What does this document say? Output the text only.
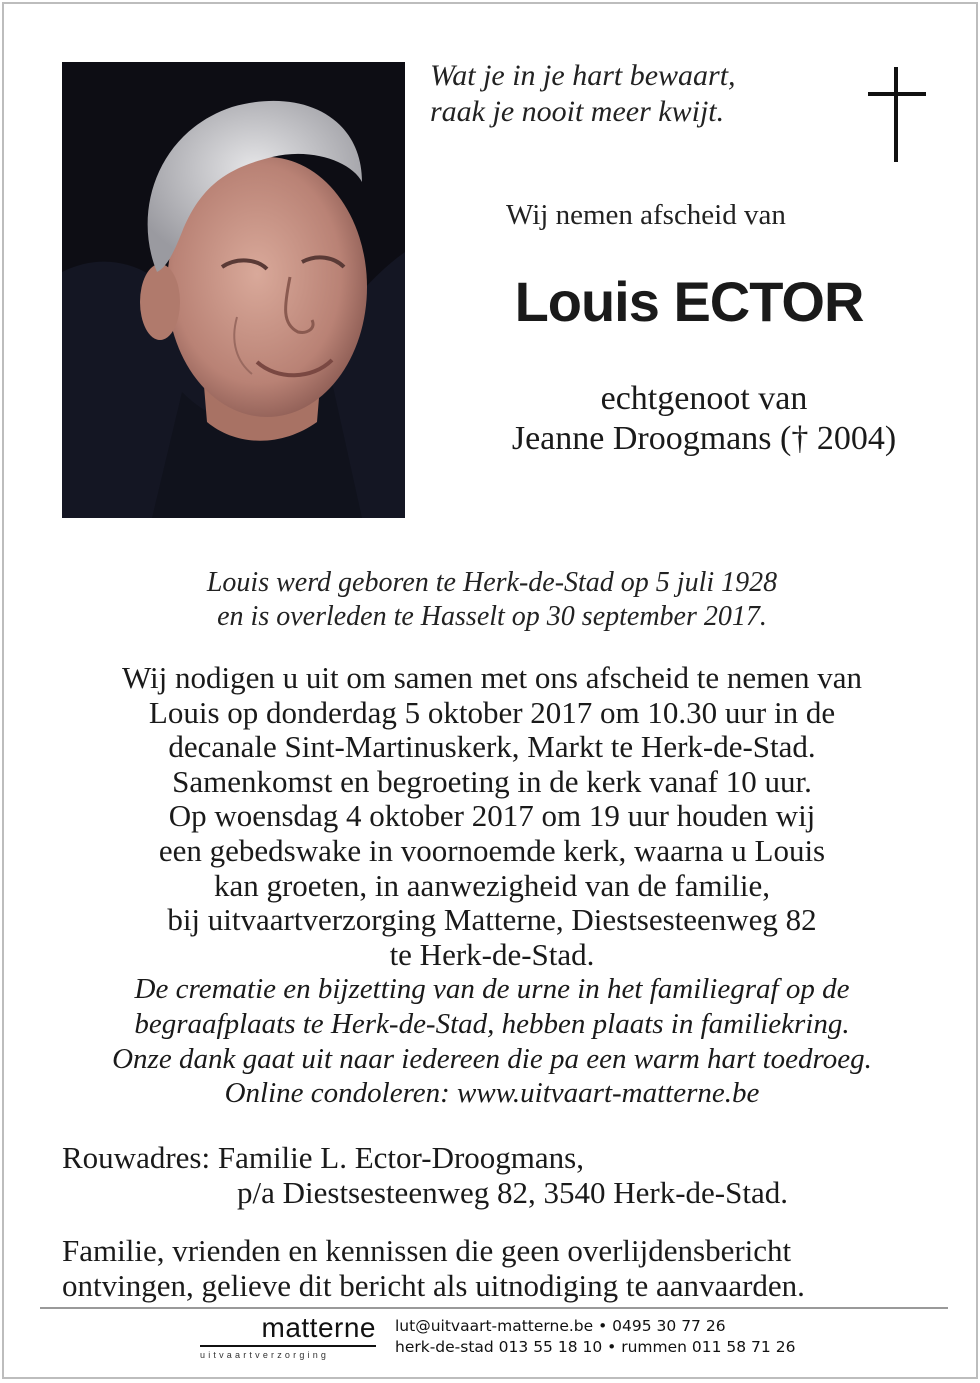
Wat je in je hart bewaart,
raak je nooit meer kwijt.
Wij nemen afscheid van
Louis ECTOR
echtgenoot van
Jeanne Droogmans († 2004)
Louis werd geboren te Herk-de-Stad op 5 juli 1928
en is overleden te Hasselt op 30 september 2017.
Wij nodigen u uit om samen met ons afscheid te nemen van
Louis op donderdag 5 oktober 2017 om 10.30 uur in de
decanale Sint-Martinuskerk, Markt te Herk-de-Stad.
Samenkomst en begroeting in de kerk vanaf 10 uur.
Op woensdag 4 oktober 2017 om 19 uur houden wij
een gebedswake in voornoemde kerk, waarna u Louis
kan groeten, in aanwezigheid van de familie,
bij uitvaartverzorging Matterne, Diestsesteenweg 82
te Herk-de-Stad.
De crematie en bijzetting van de urne in het familiegraf op de
begraafplaats te Herk-de-Stad, hebben plaats in familiekring.
Onze dank gaat uit naar iedereen die pa een warm hart toedroeg.
Online condoleren: www.uitvaart-matterne.be
Rouwadres: Familie L. Ector-Droogmans,
p/a Diestsesteenweg 82, 3540 Herk-de-Stad.
Familie, vrienden en kennissen die geen overlijdensbericht
ontvingen, gelieve dit bericht als uitnodiging te aanvaarden.
matterne
uitvaartverzorging
lut@uitvaart-matterne.be • 0495 30 77 26
herk-de-stad 013 55 18 10 • rummen 011 58 71 26
